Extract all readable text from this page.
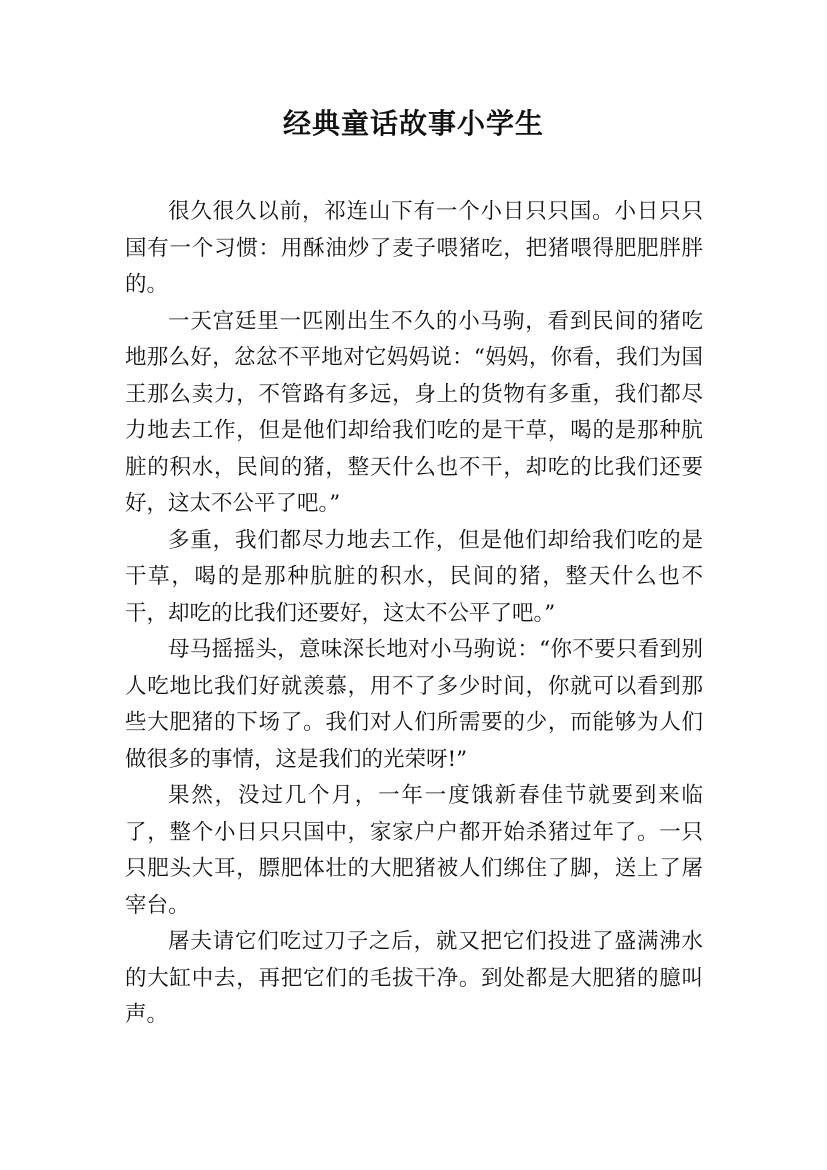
经典童话故事小学生

很久很久以前，祁连山下有一个小日只只国。小日只只国有一个习惯：用酥油炒了麦子喂猪吃，把猪喂得肥肥胖胖的。

一天宫廷里一匹刚出生不久的小马驹，看到民间的猪吃地那么好，忿忿不平地对它妈妈说：“妈妈，你看，我们为国王那么卖力，不管路有多远，身上的货物有多重，我们都尽力地去工作，但是他们却给我们吃的是干草，喝的是那种肮脏的积水，民间的猪，整天什么也不干，却吃的比我们还要好，这太不公平了吧。”

多重，我们都尽力地去工作，但是他们却给我们吃的是干草，喝的是那种肮脏的积水，民间的猪，整天什么也不干，却吃的比我们还要好，这太不公平了吧。”

母马摇摇头，意味深长地对小马驹说：“你不要只看到别人吃地比我们好就羡慕，用不了多少时间，你就可以看到那些大肥猪的下场了。我们对人们所需要的少，而能够为人们做很多的事情，这是我们的光荣呀!”

果然，没过几个月，一年一度饿新春佳节就要到来临了，整个小日只只国中，家家户户都开始杀猪过年了。一只只肥头大耳，膘肥体壮的大肥猪被人们绑住了脚，送上了屠宰台。

屠夫请它们吃过刀子之后，就又把它们投进了盛满沸水的大缸中去，再把它们的毛拔干净。到处都是大肥猪的臆叫声。
